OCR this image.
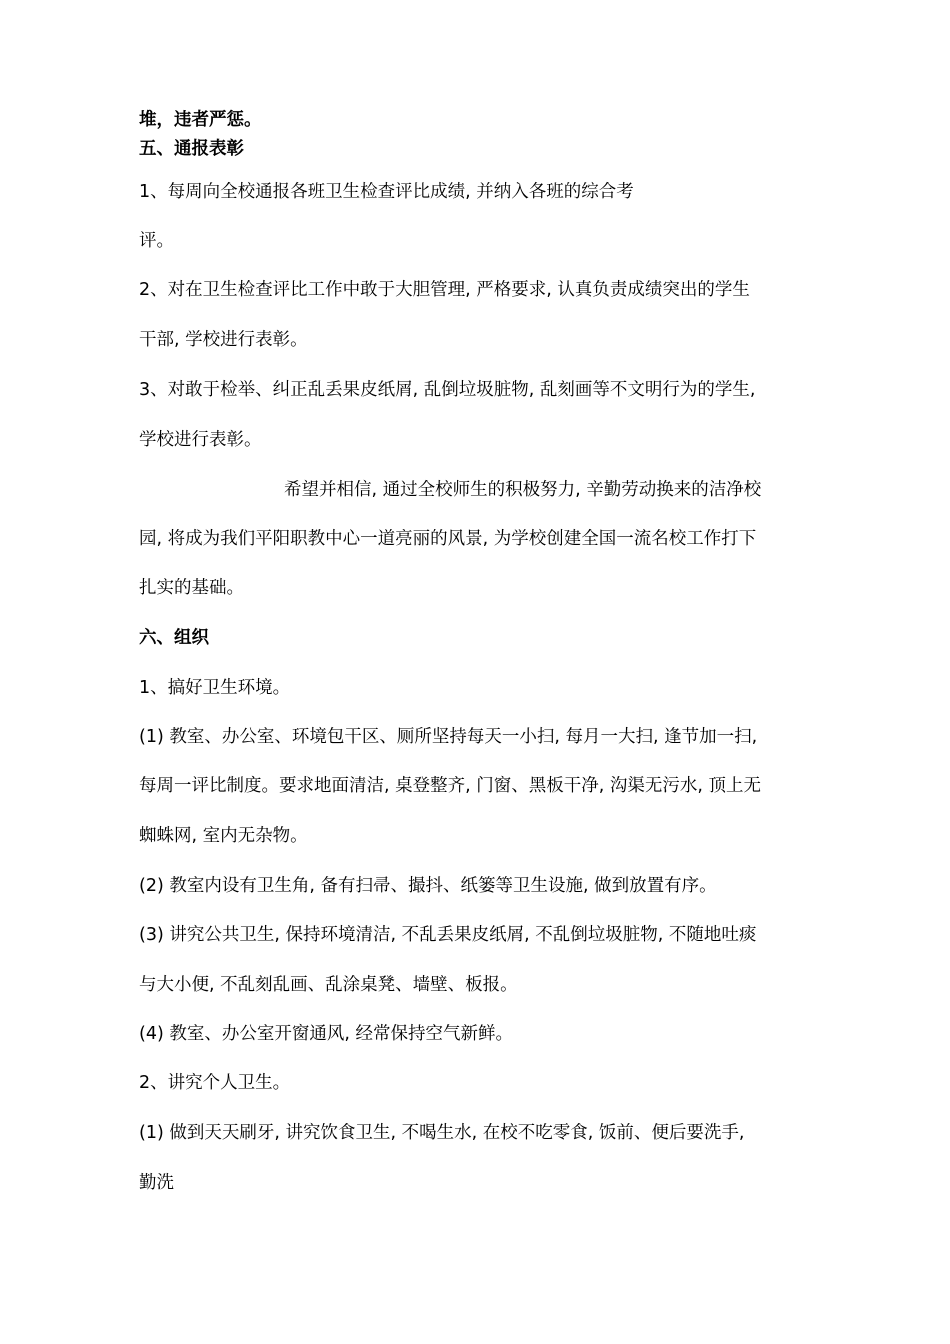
堆，违者严惩。
五、通报表彰
1、每周向全校通报各班卫生检查评比成绩, 并纳入各班的综合考
评。
2、对在卫生检查评比工作中敢于大胆管理, 严格要求, 认真负责成绩突出的学生
干部, 学校进行表彰。
3、对敢于检举、纠正乱丢果皮纸屑, 乱倒垃圾脏物, 乱刻画等不文明行为的学生,
学校进行表彰。
希望并相信, 通过全校师生的积极努力, 辛勤劳动换来的洁净校
园, 将成为我们平阳职教中心一道亮丽的风景, 为学校创建全国一流名校工作打下
扎实的基础。
六、组织
1、搞好卫生环境。
(1) 教室、办公室、环境包干区、厕所坚持每天一小扫, 每月一大扫, 逢节加一扫,
每周一评比制度。要求地面清洁, 桌登整齐, 门窗、黑板干净, 沟渠无污水, 顶上无
蜘蛛网, 室内无杂物。
(2) 教室内设有卫生角, 备有扫帚、撮抖、纸篓等卫生设施, 做到放置有序。
(3) 讲究公共卫生, 保持环境清洁, 不乱丢果皮纸屑, 不乱倒垃圾脏物, 不随地吐痰
与大小便, 不乱刻乱画、乱涂桌凳、墙壁、板报。
(4) 教室、办公室开窗通风, 经常保持空气新鲜。
2、讲究个人卫生。
(1) 做到天天刷牙, 讲究饮食卫生, 不喝生水, 在校不吃零食, 饭前、便后要洗手,
勤洗
